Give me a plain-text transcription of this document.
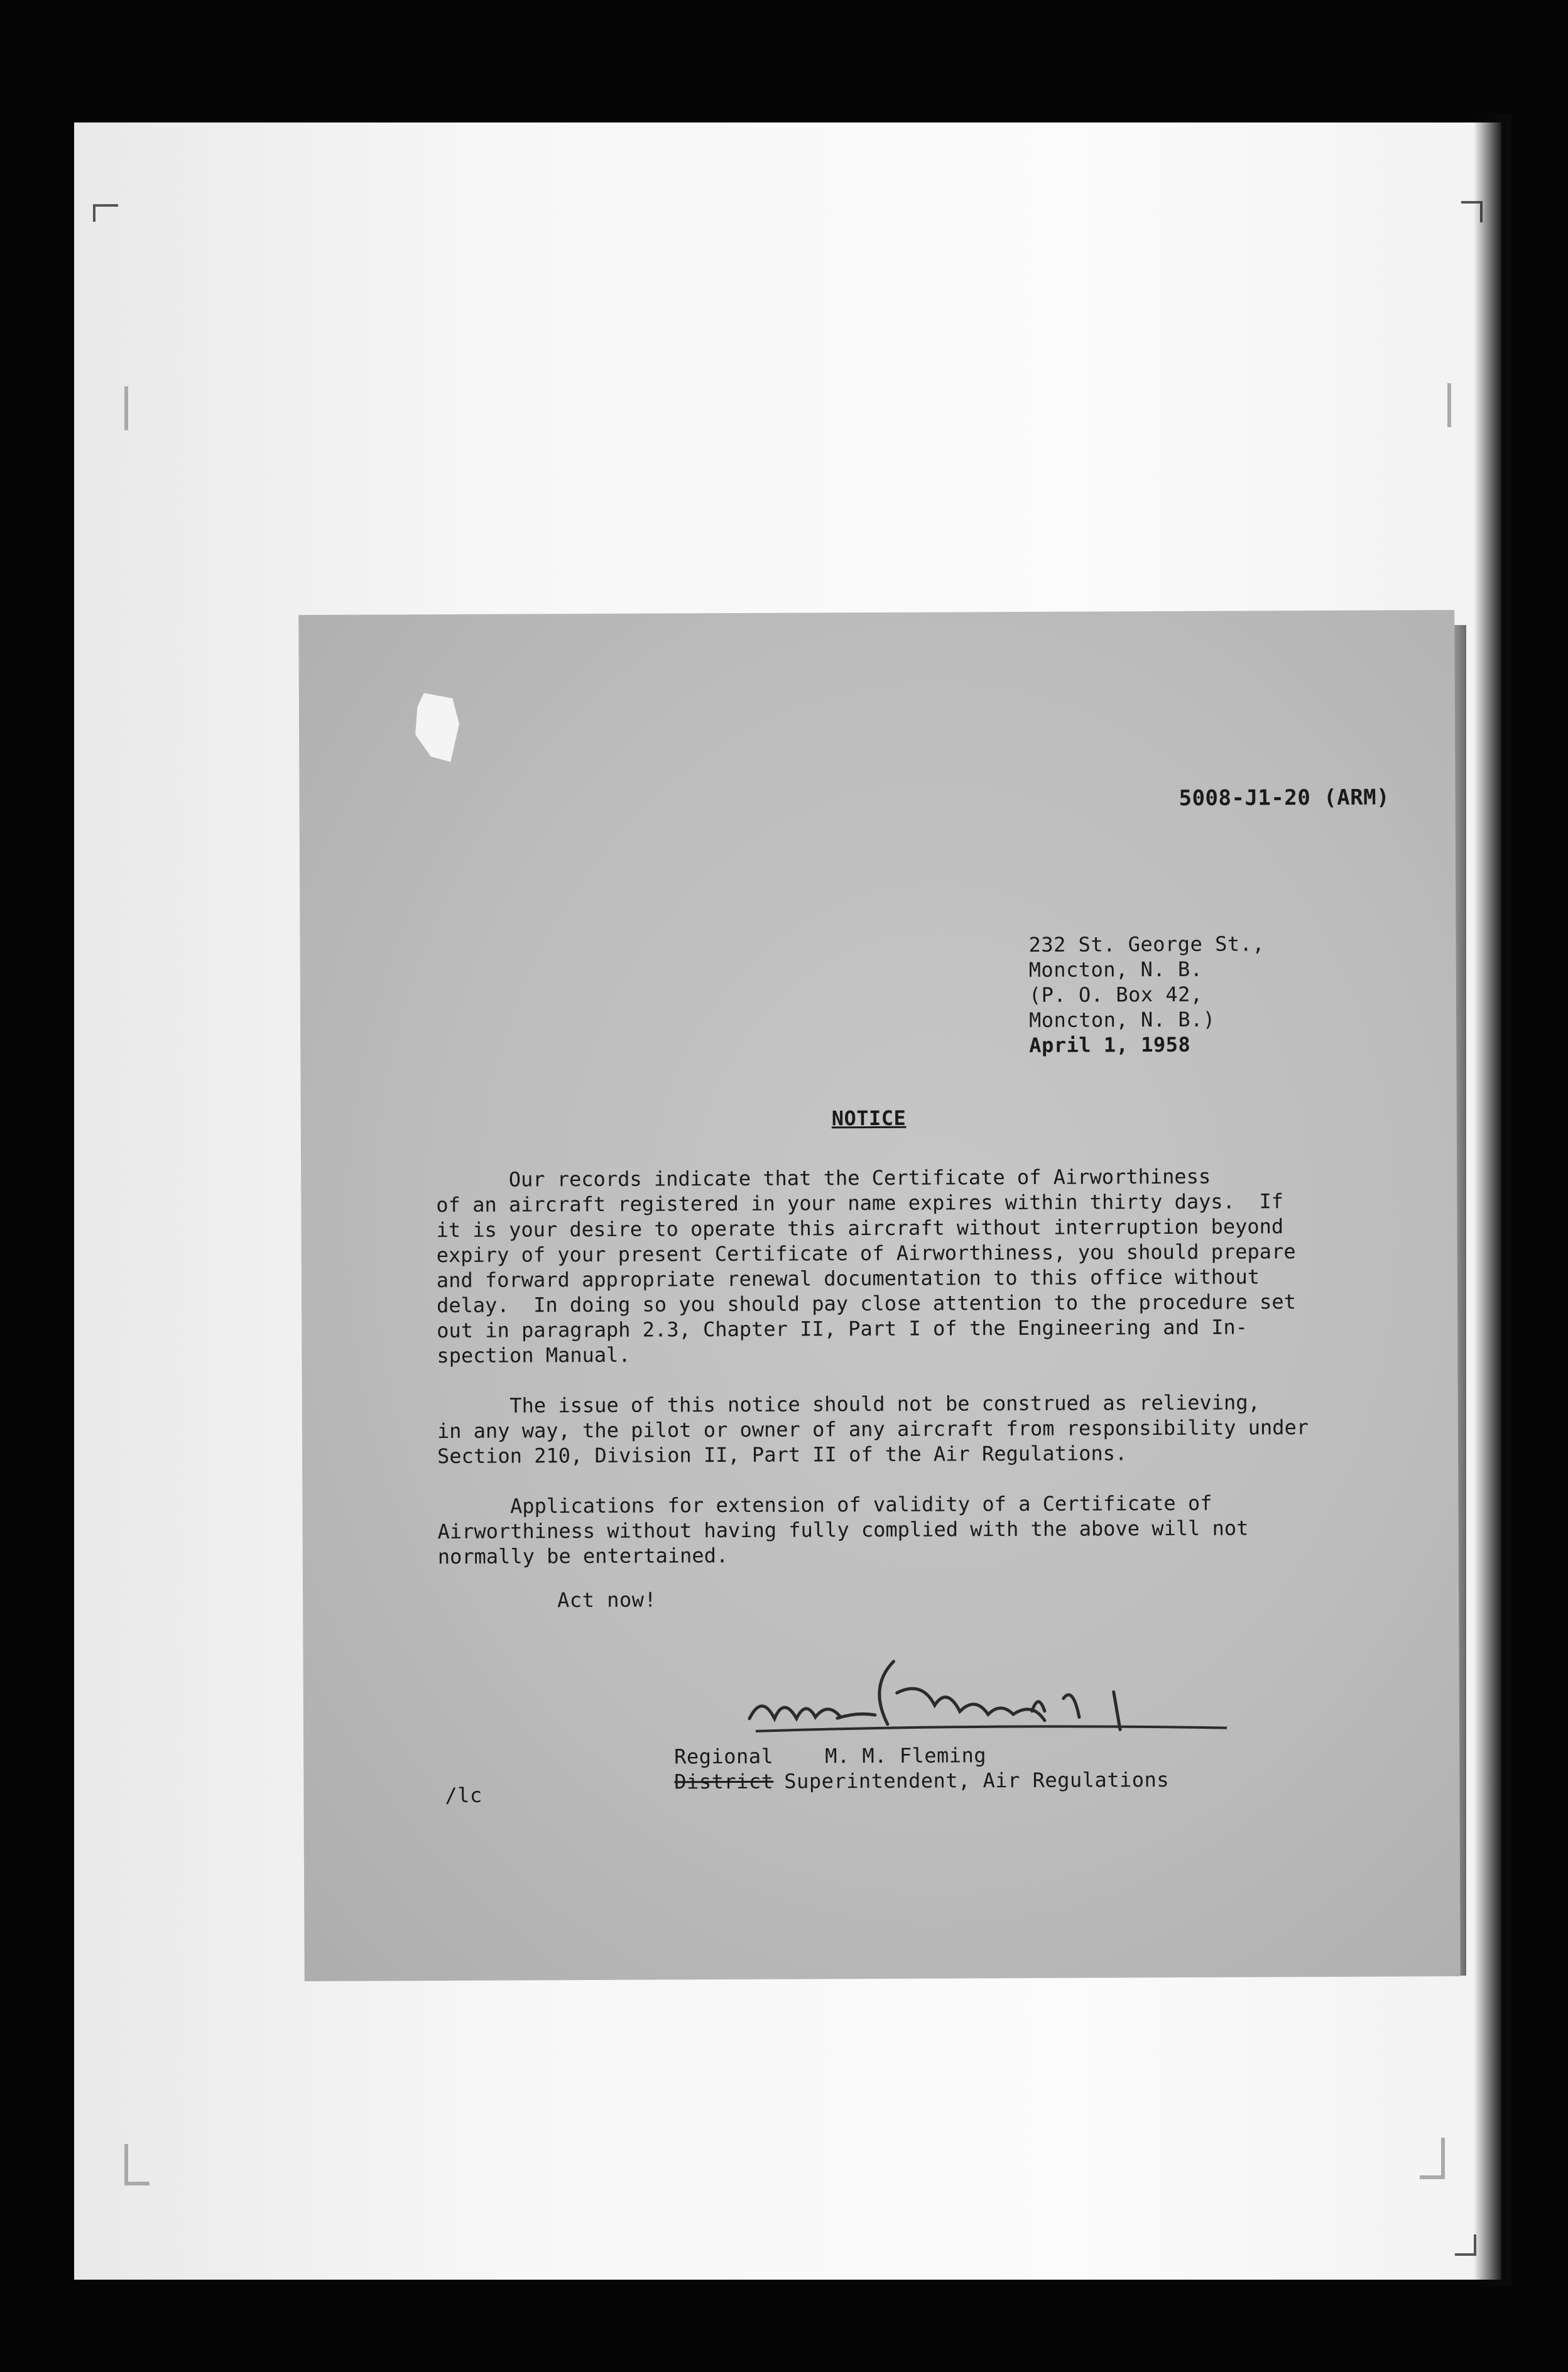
5008-J1-20 (ARM)
232 St. George St.,
Moncton, N. B.
(P. O. Box 42,
Moncton, N. B.)
April 1, 1958
NOTICE
Our records indicate that the Certificate of Airworthiness
of an aircraft registered in your name expires within thirty days.  If
it is your desire to operate this aircraft without interruption beyond
expiry of your present Certificate of Airworthiness, you should prepare
and forward appropriate renewal documentation to this office without
delay.  In doing so you should pay close attention to the procedure set
out in paragraph 2.3, Chapter II, Part I of the Engineering and In-
spection Manual.
The issue of this notice should not be construed as relieving,
in any way, the pilot or owner of any aircraft from responsibility under
Section 210, Division II, Part II of the Air Regulations.
Applications for extension of validity of a Certificate of
Airworthiness without having fully complied with the above will not
normally be entertained.
Act now!
Regional	M. M. Fleming
District Superintendent, Air Regulations
/lc
